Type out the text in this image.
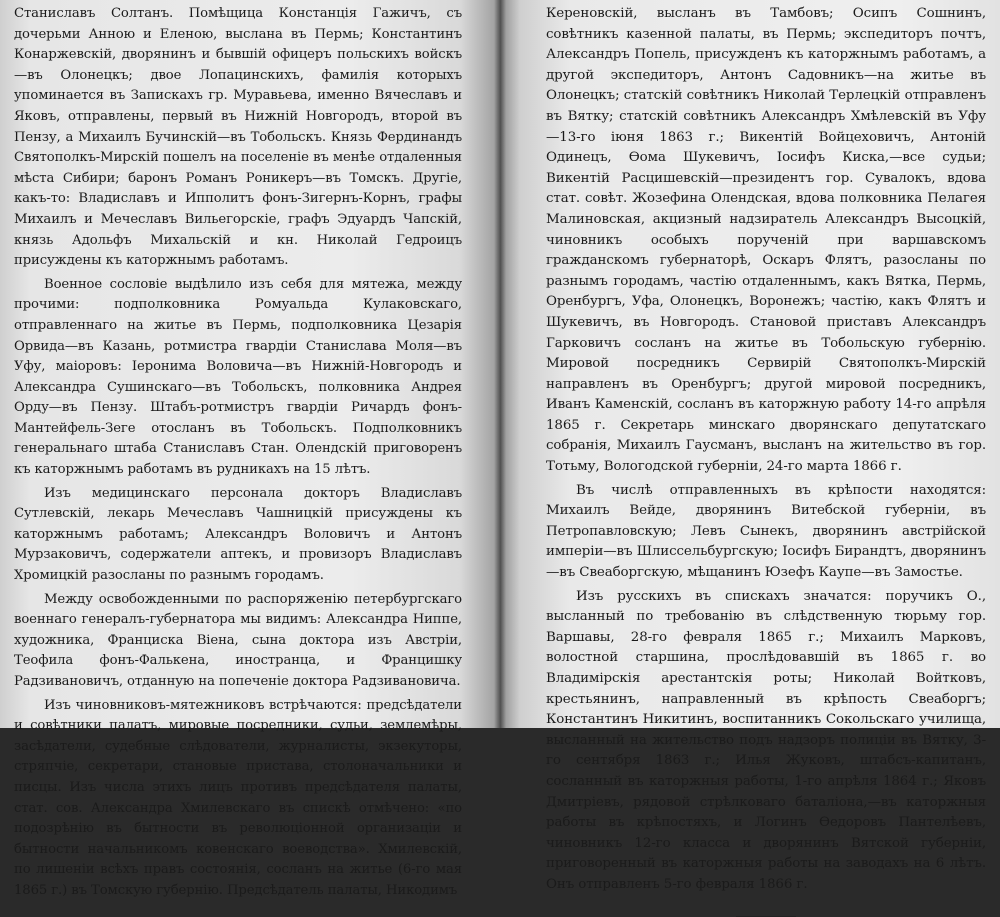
Станиславъ Солтанъ. Помѣщица Констанція Гажичъ, съ дочерьми Анною и Еленою, выслана въ Пермь; Константинъ Конаржевскій, дворянинъ и бывшій офицеръ польскихъ войскъ—въ Олонецкъ; двое Лопацинскихъ, фамилія которыхъ упоминается въ Запискахъ гр. Муравьева, именно Вячеславъ и Яковъ, отправлены, первый въ Нижній Новгородъ, второй въ Пензу, а Михаилъ Бучинскій—въ Тобольскъ. Князь Фердинандъ Святополкъ-Мирскій пошелъ на поселеніе въ менѣе отдаленныя мѣста Сибири; баронъ Романъ Роникеръ—въ Томскъ. Другіе, какъ-то: Владиславъ и Ипполитъ фонъ-Зигернъ-Корнъ, графы Михаилъ и Мечеславъ Вильегорскіе, графъ Эдуардъ Чапскій, князь Адольфъ Михальскій и кн. Николай Гедроицъ присуждены къ каторжнымъ работамъ.

Военное сословіе выдѣлило изъ себя для мятежа, между прочими: подполковника Ромуальда Кулаковскаго, отправленнаго на житье въ Пермь, подполковника Цезарія Орвида—въ Казань, ротмистра гвардіи Станислава Моля—въ Уфу, маіоровъ: Іеронима Воловича—въ Нижній-Новгородъ и Александра Сушинскаго—въ Тобольскъ, полковника Андрея Орду—въ Пензу. Штабъ-ротмистръ гвардіи Ричардъ фонъ-Мантейфель-Зеге отосланъ въ Тобольскъ. Подполковникъ генеральнаго штаба Станиславъ Стан. Олендскій приговоренъ къ каторжнымъ работамъ въ рудникахъ на 15 лѣтъ.

Изъ медицинскаго персонала докторъ Владиславъ Сутлевскій, лекарь Мечеславъ Чашницкій присуждены къ каторжнымъ работамъ; Александръ Воловичъ и Антонъ Мурзаковичъ, содержатели аптекъ, и провизоръ Владиславъ Хромицкій разосланы по разнымъ городамъ.

Между освобожденными по распоряженію петербургскаго военнаго генералъ-губернатора мы видимъ: Александра Ниппе, художника, Франциска Віена, сына доктора изъ Австріи, Теофила фонъ-Фалькена, иностранца, и Францишку Радзивановичъ, отданную на попеченіе доктора Радзивановича.

Изъ чиновниковъ-мятежниковъ встрѣчаются: предсѣдатели и совѣтники палатъ, мировые посредники, судьи, землемѣры, засѣдатели, судебные слѣдователи, журналисты, экзекуторы, стряпчіе, секретари, становые пристава, столоначальники и писцы. Изъ числа этихъ лицъ противъ предсѣдателя палаты, стат. сов. Александра Хмилевскаго въ спискѣ отмѣчено: «по подозрѣнію въ бытности въ революціонной организаціи и бытности начальникомъ ковенскаго воеводства». Хмилевскій, по лишеніи всѣхъ правъ состоянія, сосланъ на житье (6-го мая 1865 г.) въ Томскую губернію. Предсѣдатель палаты, Никодимъ

Кереновскій, высланъ въ Тамбовъ; Осипъ Сошнинъ, совѣтникъ казенной палаты, въ Пермь; экспедиторъ почтъ, Александръ Попель, присужденъ къ каторжнымъ работамъ, а другой экспедиторъ, Антонъ Садовникъ—на житье въ Олонецкъ; статскій совѣтникъ Николай Терлецкій отправленъ въ Вятку; статскій совѣтникъ Александръ Хмѣлевскій въ Уфу—13-го іюня 1863 г.; Викентій Войцеховичъ, Антоній Одинецъ, Ѳома Шукевичъ, Іосифъ Киска,—все судьи; Викентій Расцишевскій—президентъ гор. Сувалокъ, вдова стат. совѣт. Жозефина Олендская, вдова полковника Пелагея Малиновская, акцизный надзиратель Александръ Высоцкій, чиновникъ особыхъ порученій при варшавскомъ гражданскомъ губернаторѣ, Оскаръ Флятъ, разосланы по разнымъ городамъ, частію отдаленнымъ, какъ Вятка, Пермь, Оренбургъ, Уфа, Олонецкъ, Воронежъ; частію, какъ Флятъ и Шукевичъ, въ Новгородъ. Становой приставъ Александръ Гарковичъ сосланъ на житье въ Тобольскую губернію. Мировой посредникъ Сервирій Святополкъ-Мирскій направленъ въ Оренбургъ; другой мировой посредникъ, Иванъ Каменскій, сосланъ въ каторжную работу 14-го апрѣля 1865 г. Секретарь минскаго дворянскаго депутатскаго собранія, Михаилъ Гаусманъ, высланъ на жительство въ гор. Тотьму, Вологодской губерніи, 24-го марта 1866 г.

Въ числѣ отправленныхъ въ крѣпости находятся: Михаилъ Вейде, дворянинъ Витебской губерніи, въ Петропавловскую; Левъ Сынекъ, дворянинъ австрійской имперіи—въ Шлиссельбургскую; Іосифъ Бирандтъ, дворянинъ—въ Свеаборгскую, мѣщанинъ Юзефъ Каупе—въ Замостье.

Изъ русскихъ въ спискахъ значатся: поручикъ О., высланный по требованію въ слѣдственную тюрьму гор. Варшавы, 28-го февраля 1865 г.; Михаилъ Марковъ, волостной старшина, прослѣдовавшій въ 1865 г. во Владимірскія арестантскія роты; Николай Войтковъ, крестьянинъ, направленный въ крѣпость Свеаборгъ; Константинъ Никитинъ, воспитанникъ Сокольскаго училища, высланный на жительство подъ надзоръ полиціи въ Вятку, 3-го сентября 1863 г.; Илья Жуковъ, штабсъ-капитанъ, сосланный въ каторжныя работы, 1-го апрѣля 1864 г.; Яковъ Дмитріевъ, рядовой стрѣлковаго баталіона,—въ каторжныя работы въ крѣпостяхъ, и Логинъ Ѳедоровъ Пантелѣевъ, чиновникъ 12-го класса и дворянинъ Вятской губерніи, приговоренный въ каторжныя работы на заводахъ на 6 лѣтъ. Онъ отправленъ 5-го февраля 1866 г.
